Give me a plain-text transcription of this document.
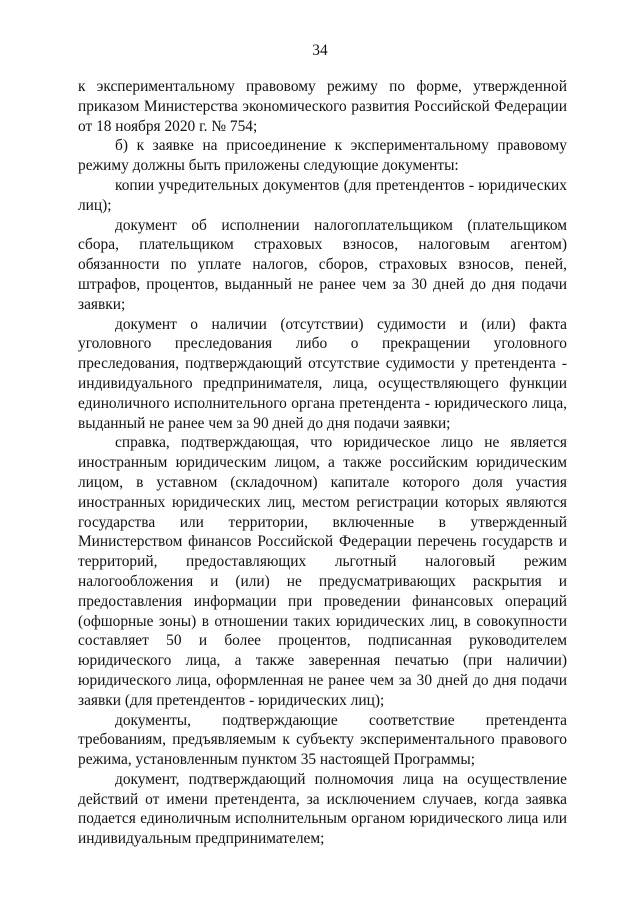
34

к экспериментальному правовому режиму по форме, утвержденной приказом Министерства экономического развития Российской Федерации от 18 ноября 2020 г. № 754;

б) к заявке на присоединение к экспериментальному правовому режиму должны быть приложены следующие документы:

копии учредительных документов (для претендентов - юридических лиц);

документ об исполнении налогоплательщиком (плательщиком сбора, плательщиком страховых взносов, налоговым агентом) обязанности по уплате налогов, сборов, страховых взносов, пеней, штрафов, процентов, выданный не ранее чем за 30 дней до дня подачи заявки;

документ о наличии (отсутствии) судимости и (или) факта уголовного преследования либо о прекращении уголовного преследования, подтверждающий отсутствие судимости у претендента - индивидуального предпринимателя, лица, осуществляющего функции единоличного исполнительного органа претендента - юридического лица, выданный не ранее чем за 90 дней до дня подачи заявки;

справка, подтверждающая, что юридическое лицо не является иностранным юридическим лицом, а также российским юридическим лицом, в уставном (складочном) капитале которого доля участия иностранных юридических лиц, местом регистрации которых являются государства или территории, включенные в утвержденный Министерством финансов Российской Федерации перечень государств и территорий, предоставляющих льготный налоговый режим налогообложения и (или) не предусматривающих раскрытия и предоставления информации при проведении финансовых операций (офшорные зоны) в отношении таких юридических лиц, в совокупности составляет 50 и более процентов, подписанная руководителем юридического лица, а также заверенная печатью (при наличии) юридического лица, оформленная не ранее чем за 30 дней до дня подачи заявки (для претендентов - юридических лиц);

документы, подтверждающие соответствие претендента требованиям, предъявляемым к субъекту экспериментального правового режима, установленным пунктом 35 настоящей Программы;

документ, подтверждающий полномочия лица на осуществление действий от имени претендента, за исключением случаев, когда заявка подается единоличным исполнительным органом юридического лица или индивидуальным предпринимателем;
